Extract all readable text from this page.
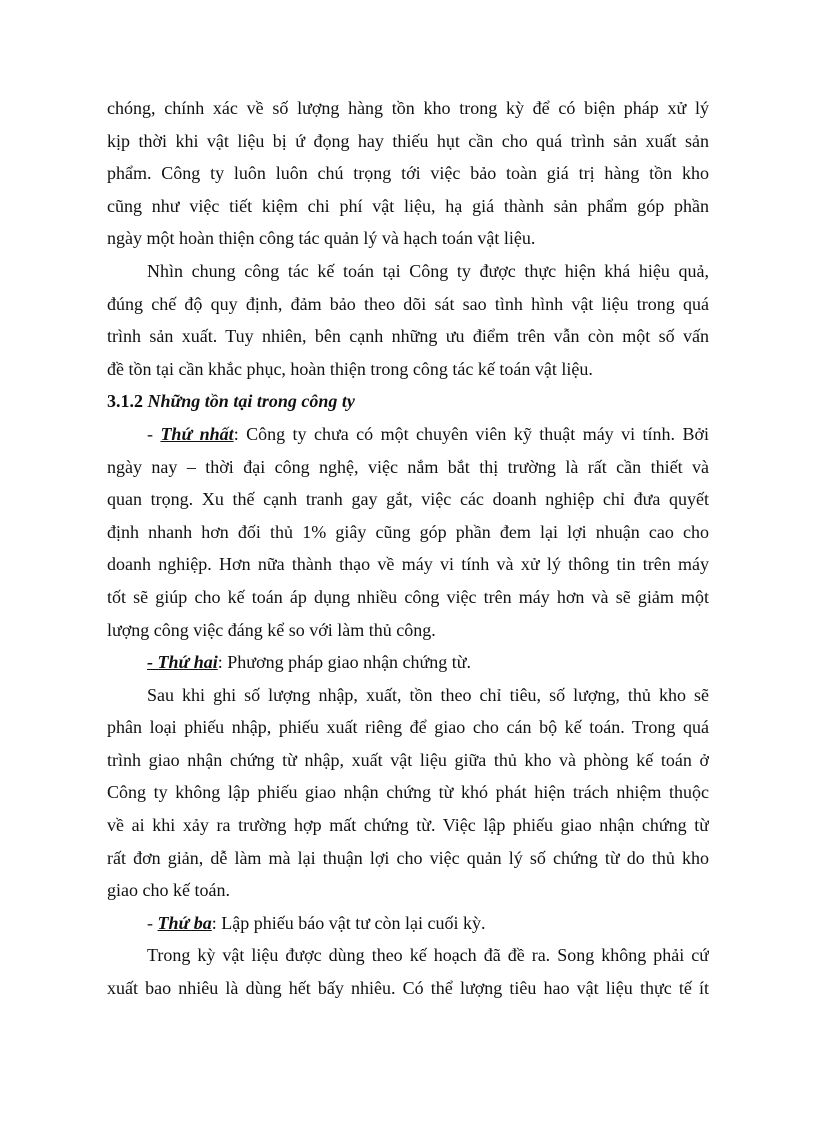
chóng, chính xác về số lượng hàng tồn kho trong kỳ để có biện pháp xử lý
kịp thời khi vật liệu bị ứ đọng hay thiếu hụt cần cho quá trình sản xuất sản
phẩm. Công ty luôn luôn chú trọng tới việc bảo toàn giá trị hàng tồn kho
cũng như việc tiết kiệm chi phí vật liệu, hạ giá thành sản phẩm góp phần
ngày một hoàn thiện công tác quản lý và hạch toán vật liệu.
Nhìn chung công tác kế toán tại Công ty được thực hiện khá hiệu quả,
đúng chế độ quy định, đảm bảo theo dõi sát sao tình hình vật liệu trong quá
trình sản xuất. Tuy nhiên, bên cạnh những ưu điểm trên vẫn còn một số vấn
đề tồn tại cần khắc phục, hoàn thiện trong công tác kế toán vật liệu.
3.1.2 Những tồn tại trong công ty
- Thứ nhất: Công ty chưa có một chuyên viên kỹ thuật máy vi tính. Bởi
ngày nay – thời đại công nghệ, việc nắm bắt thị trường là rất cần thiết và
quan trọng. Xu thế cạnh tranh gay gắt, việc các doanh nghiệp chỉ đưa quyết
định nhanh hơn đối thủ 1% giây cũng góp phần đem lại lợi nhuận cao cho
doanh nghiệp. Hơn nữa thành thạo về máy vi tính và xử lý thông tin trên máy
tốt sẽ giúp cho kế toán áp dụng nhiều công việc trên máy hơn và sẽ giảm một
lượng công việc đáng kể so với làm thủ công.
- Thứ hai: Phương pháp giao nhận chứng từ.
Sau khi ghi số lượng nhập, xuất, tồn theo chỉ tiêu, số lượng, thủ kho sẽ
phân loại phiếu nhập, phiếu xuất riêng để giao cho cán bộ kế toán. Trong quá
trình giao nhận chứng từ nhập, xuất vật liệu giữa thủ kho và phòng kế toán ở
Công ty không lập phiếu giao nhận chứng từ khó phát hiện trách nhiệm thuộc
về ai khi xảy ra trường hợp mất chứng từ. Việc lập phiếu giao nhận chứng từ
rất đơn giản, dễ làm mà lại thuận lợi cho việc quản lý số chứng từ do thủ kho
giao cho kế toán.
- Thứ ba: Lập phiếu báo vật tư còn lại cuối kỳ.
Trong kỳ vật liệu được dùng theo kế hoạch đã đề ra. Song không phải cứ
xuất bao nhiêu là dùng hết bấy nhiêu. Có thể lượng tiêu hao vật liệu thực tế ít
